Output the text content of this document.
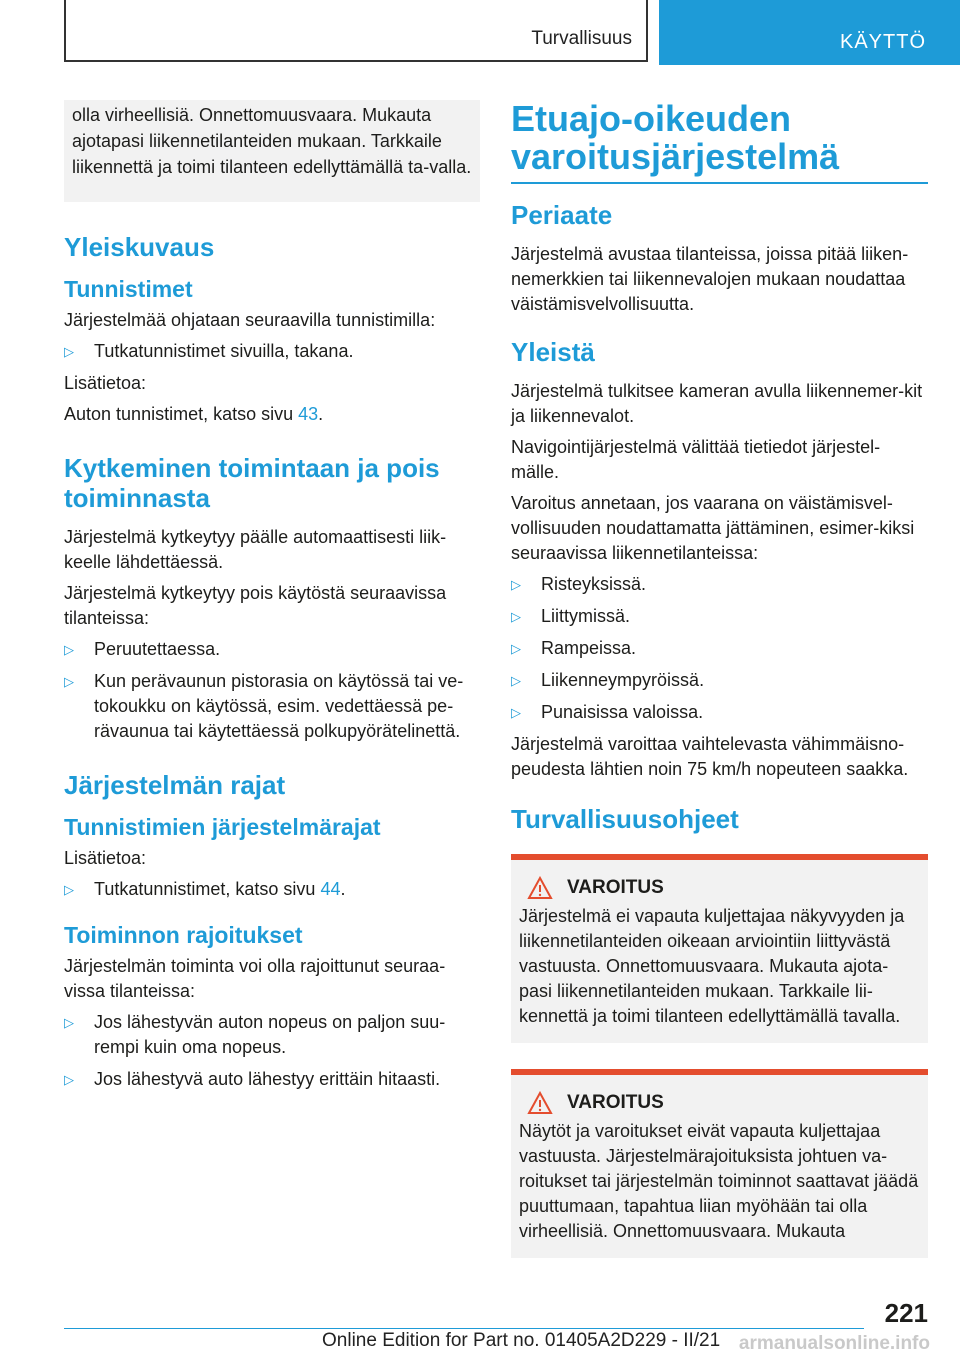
Turvallisuus	KÄYTTÖ

olla virheellisiä. Onnettomuusvaara. Mukauta ajotapasi liikennetilanteiden mukaan. Tarkkaile liikennettä ja toimi tilanteen edellyttämällä ta-valla.

Yleiskuvaus
Tunnistimet

Järjestelmää ohjataan seuraavilla tunnistimilla:

▷ Tutkatunnistimet sivuilla, takana.

Lisätietoa:

Auton tunnistimet, katso sivu 43.

Kytkeminen toimintaan ja pois toiminnasta

Järjestelmä kytkeytyy päälle automaattisesti liik-keelle lähdettäessä.

Järjestelmä kytkeytyy pois käytöstä seuraavissa tilanteissa:

▷ Peruutettaessa.
▷ Kun perävaunun pistorasia on käytössä tai ve-tokoukku on käytössä, esim. vedettäessä pe-rävaunua tai käytettäessä polkupyörätelinettä.
Järjestelmän rajat
Tunnistimien järjestelmärajat

Lisätietoa:

▷ Tutkatunnistimet, katso sivu 44.
Toiminnon rajoitukset

Järjestelmän toiminta voi olla rajoittunut seuraa-vissa tilanteissa:

▷ Jos lähestyvän auton nopeus on paljon suu-rempi kuin oma nopeus.
▷ Jos lähestyvä auto lähestyy erittäin hitaasti.
Etuajo-oikeuden varoitusjärjestelmä
Periaate

Järjestelmä avustaa tilanteissa, joissa pitää liiken-nemerkkien tai liikennevalojen mukaan noudattaa väistämisvelvollisuutta.

Yleistä

Järjestelmä tulkitsee kameran avulla liikennemer-kit ja liikennevalot.

Navigointijärjestelmä välittää tietiedot järjestel-mälle.

Varoitus annetaan, jos vaarana on väistämisvel-vollisuuden noudattamatta jättäminen, esimer-kiksi seuraavissa liikennetilanteissa:

▷ Risteyksissä.
▷ Liittymissä.
▷ Rampeissa.
▷ Liikenneympyröissä.
▷ Punaisissa valoissa.

Järjestelmä varoittaa vaihtelevasta vähimmäisno-peudesta lähtien noin 75 km/h nopeuteen saakka.

Turvallisuusohjeet
VAROITUS

Järjestelmä ei vapauta kuljettajaa näkyvyyden ja liikennetilanteiden oikeaan arviointiin liittyvästä vastuusta. Onnettomuusvaara. Mukauta ajota-pasi liikennetilanteiden mukaan. Tarkkaile lii-kennettä ja toimi tilanteen edellyttämällä tavalla.

VAROITUS

Näytöt ja varoitukset eivät vapauta kuljettajaa vastuusta. Järjestelmärajoituksista johtuen va-roitukset tai järjestelmän toiminnot saattavat jäädä puuttumaan, tapahtua liian myöhään tai olla virheellisiä. Onnettomuusvaara. Mukauta

221
Online Edition for Part no. 01405A2D229 - II/21 armanualsonline.info
